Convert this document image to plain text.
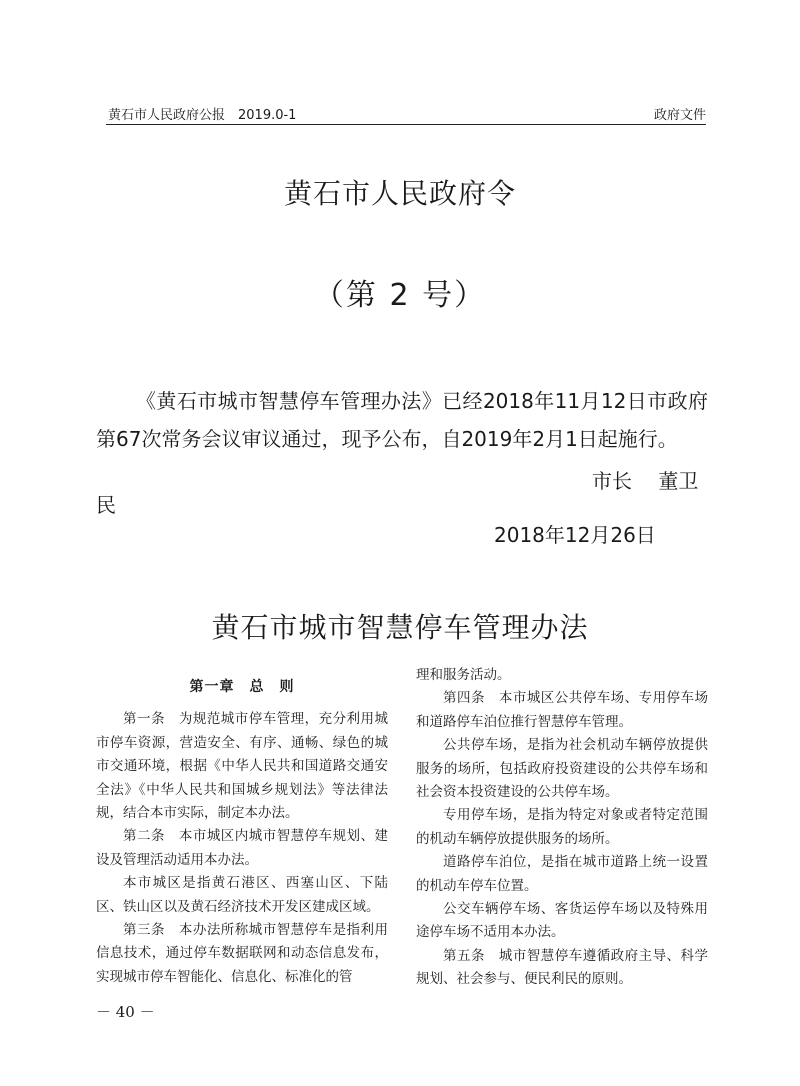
黄石市人民政府公报　2019.0-1	政府文件
黄石市人民政府令
（第 2 号）

《黄石市城市智慧停车管理办法》已经2018年11月12日市政府第67次常务会议审议通过，现予公布，自2019年2月1日起施行。

市长　 董卫
民
2018年12月26日
黄石市城市智慧停车管理办法
第一章　总　则

第一条　为规范城市停车管理，充分利用城市停车资源，营造安全、有序、通畅、绿色的城市交通环境，根据《中华人民共和国道路交通安全法》《中华人民共和国城乡规划法》等法律法规，结合本市实际，制定本办法。

第二条　本市城区内城市智慧停车规划、建设及管理活动适用本办法。

本市城区是指黄石港区、西塞山区、下陆区、铁山区以及黄石经济技术开发区建成区域。

第三条　本办法所称城市智慧停车是指利用信息技术，通过停车数据联网和动态信息发布，实现城市停车智能化、信息化、标准化的管

理和服务活动。

第四条　本市城区公共停车场、专用停车场和道路停车泊位推行智慧停车管理。

公共停车场，是指为社会机动车辆停放提供服务的场所，包括政府投资建设的公共停车场和社会资本投资建设的公共停车场。

专用停车场，是指为特定对象或者特定范围的机动车辆停放提供服务的场所。

道路停车泊位，是指在城市道路上统一设置的机动车停车位置。

公交车辆停车场、客货运停车场以及特殊用途停车场不适用本办法。

第五条　城市智慧停车遵循政府主导、科学规划、社会参与、便民利民的原则。

－ 40 －
